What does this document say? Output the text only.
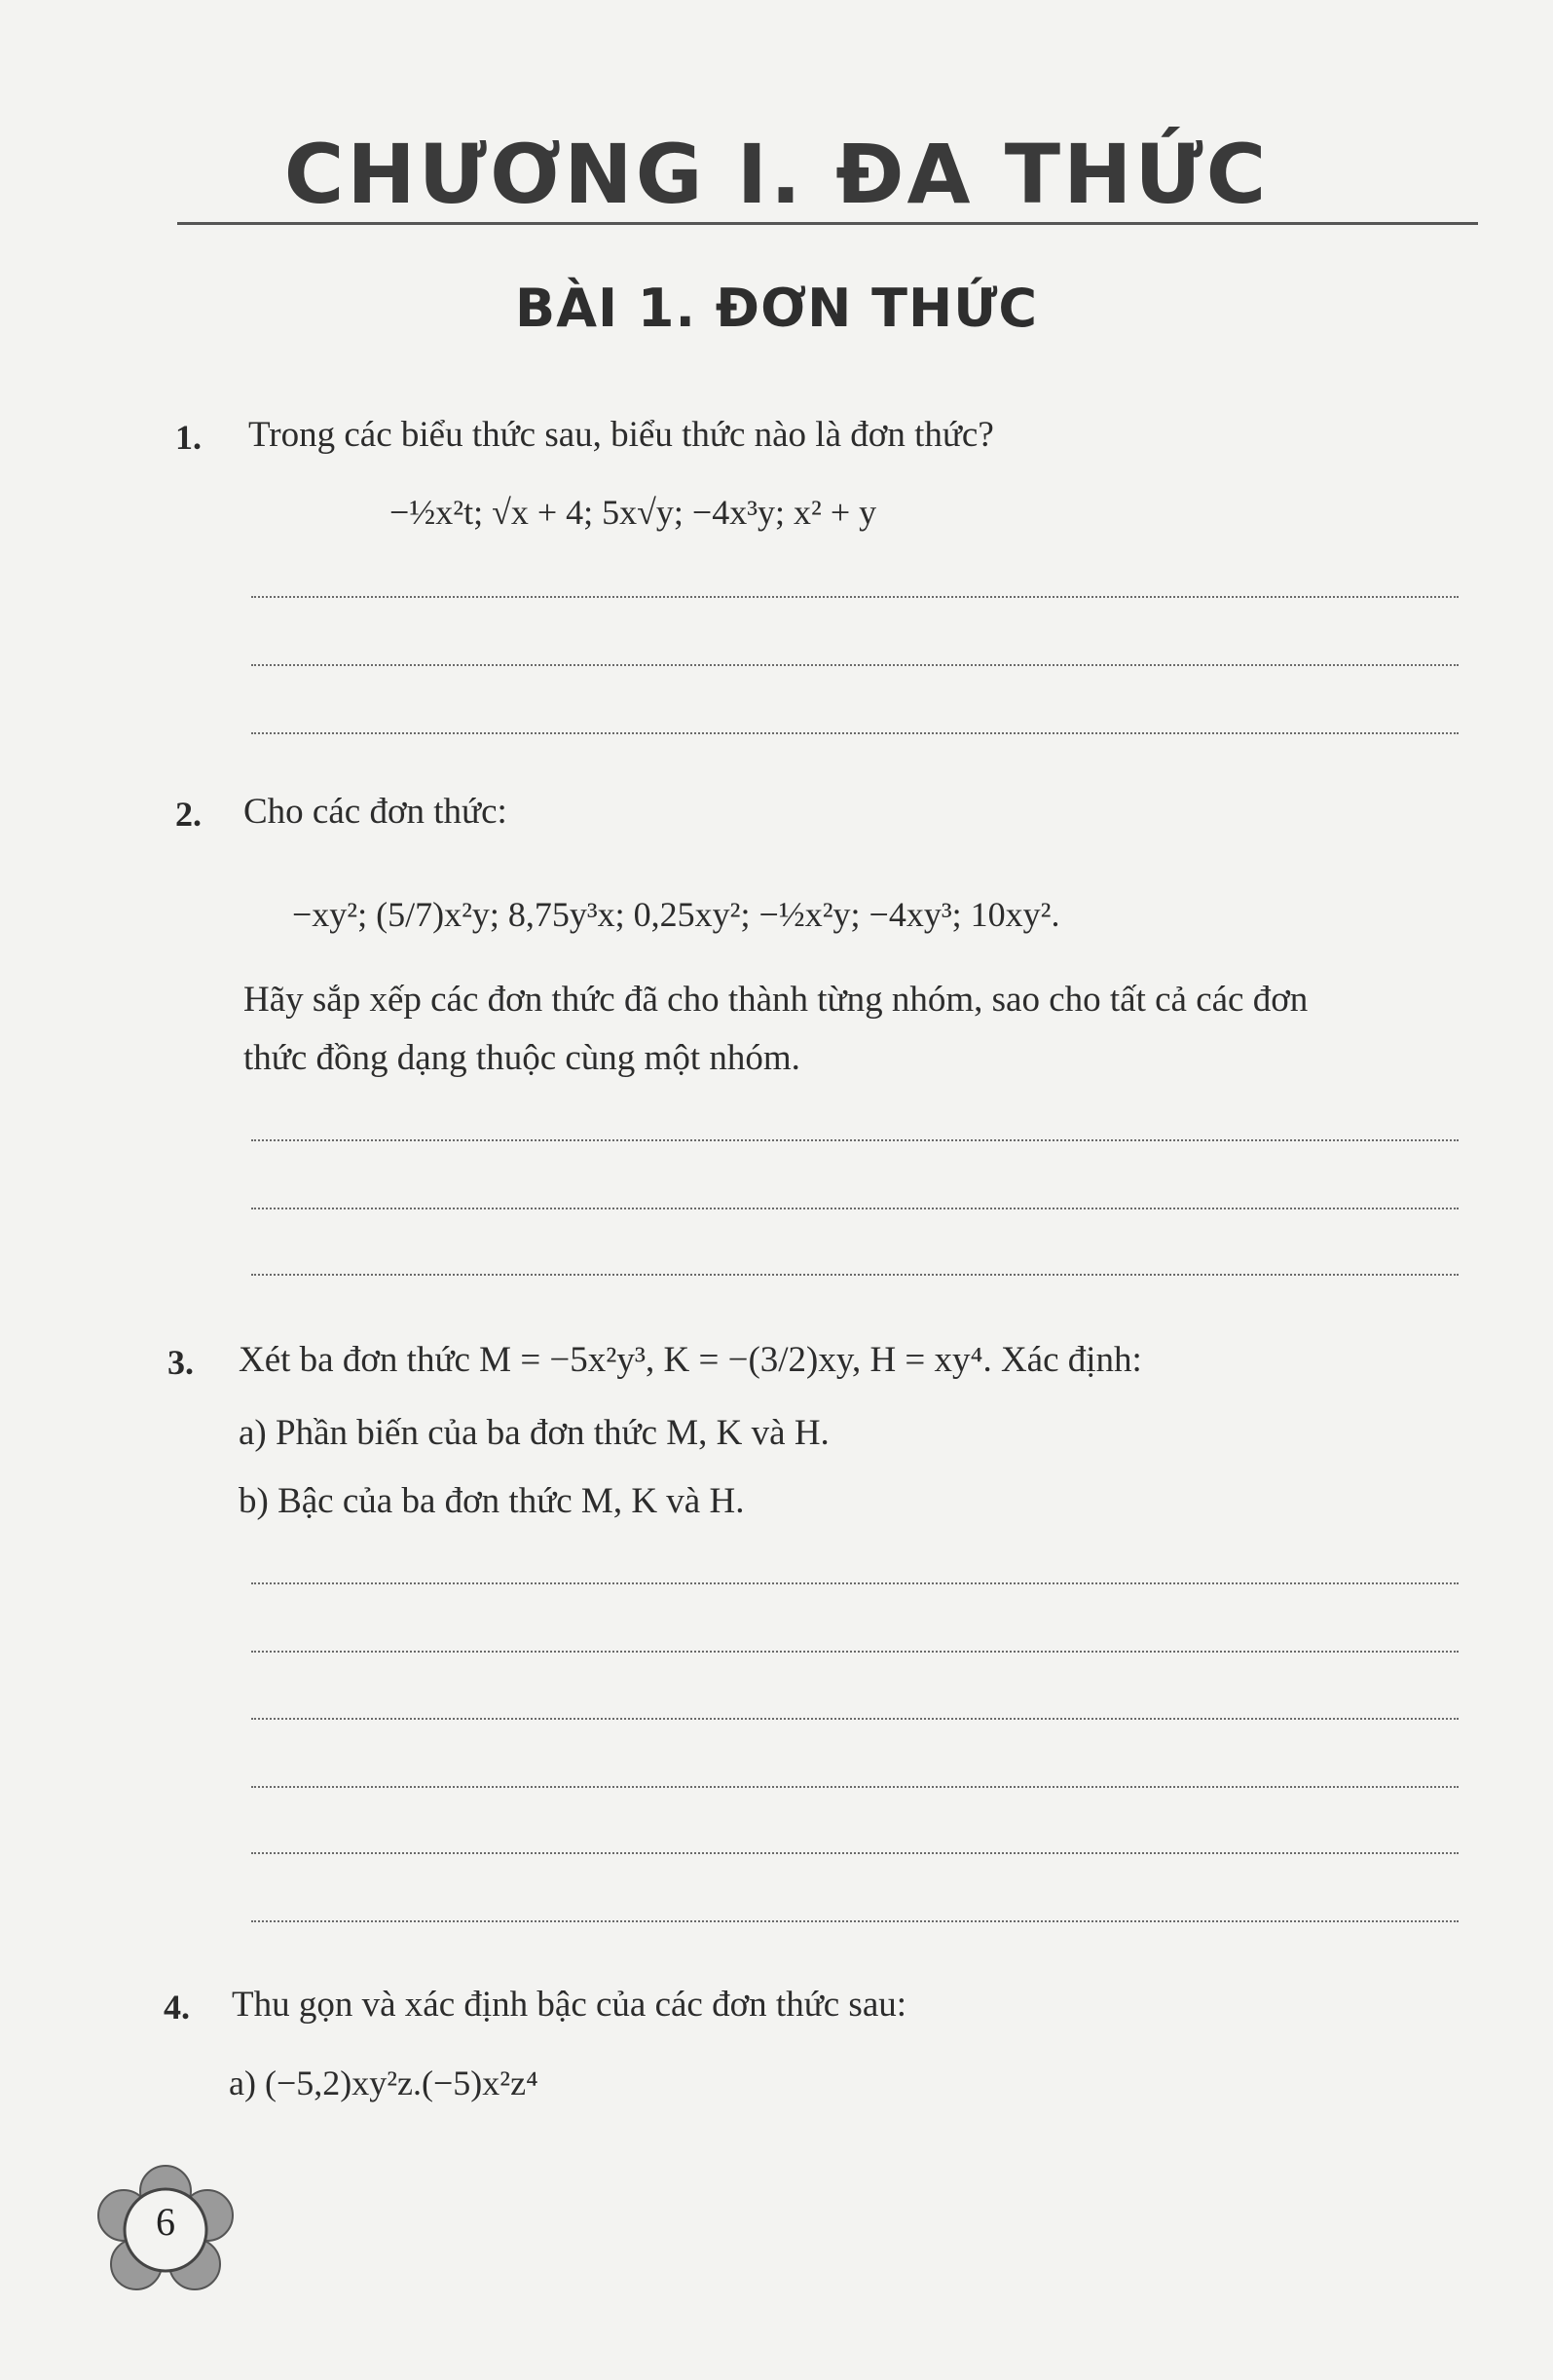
CHƯƠNG I. ĐA THỨC
BÀI 1. ĐƠN THỨC
1. Trong các biểu thức sau, biểu thức nào là đơn thức?
−½x²t; √x + 4; 5x√y; −4x³y; x² + y
2. Cho các đơn thức:
−xy²; (5/7)x²y; 8,75y³x; 0,25xy²; −½x²y; −4xy³; 10xy².
Hãy sắp xếp các đơn thức đã cho thành từng nhóm, sao cho tất cả các đơn
thức đồng dạng thuộc cùng một nhóm.
3. Xét ba đơn thức M = −5x²y³, K = −(3/2)xy, H = xy⁴. Xác định:
a) Phần biến của ba đơn thức M, K và H.
b) Bậc của ba đơn thức M, K và H.
4. Thu gọn và xác định bậc của các đơn thức sau:
a) (−5,2)xy²z.(−5)x²z⁴
6
